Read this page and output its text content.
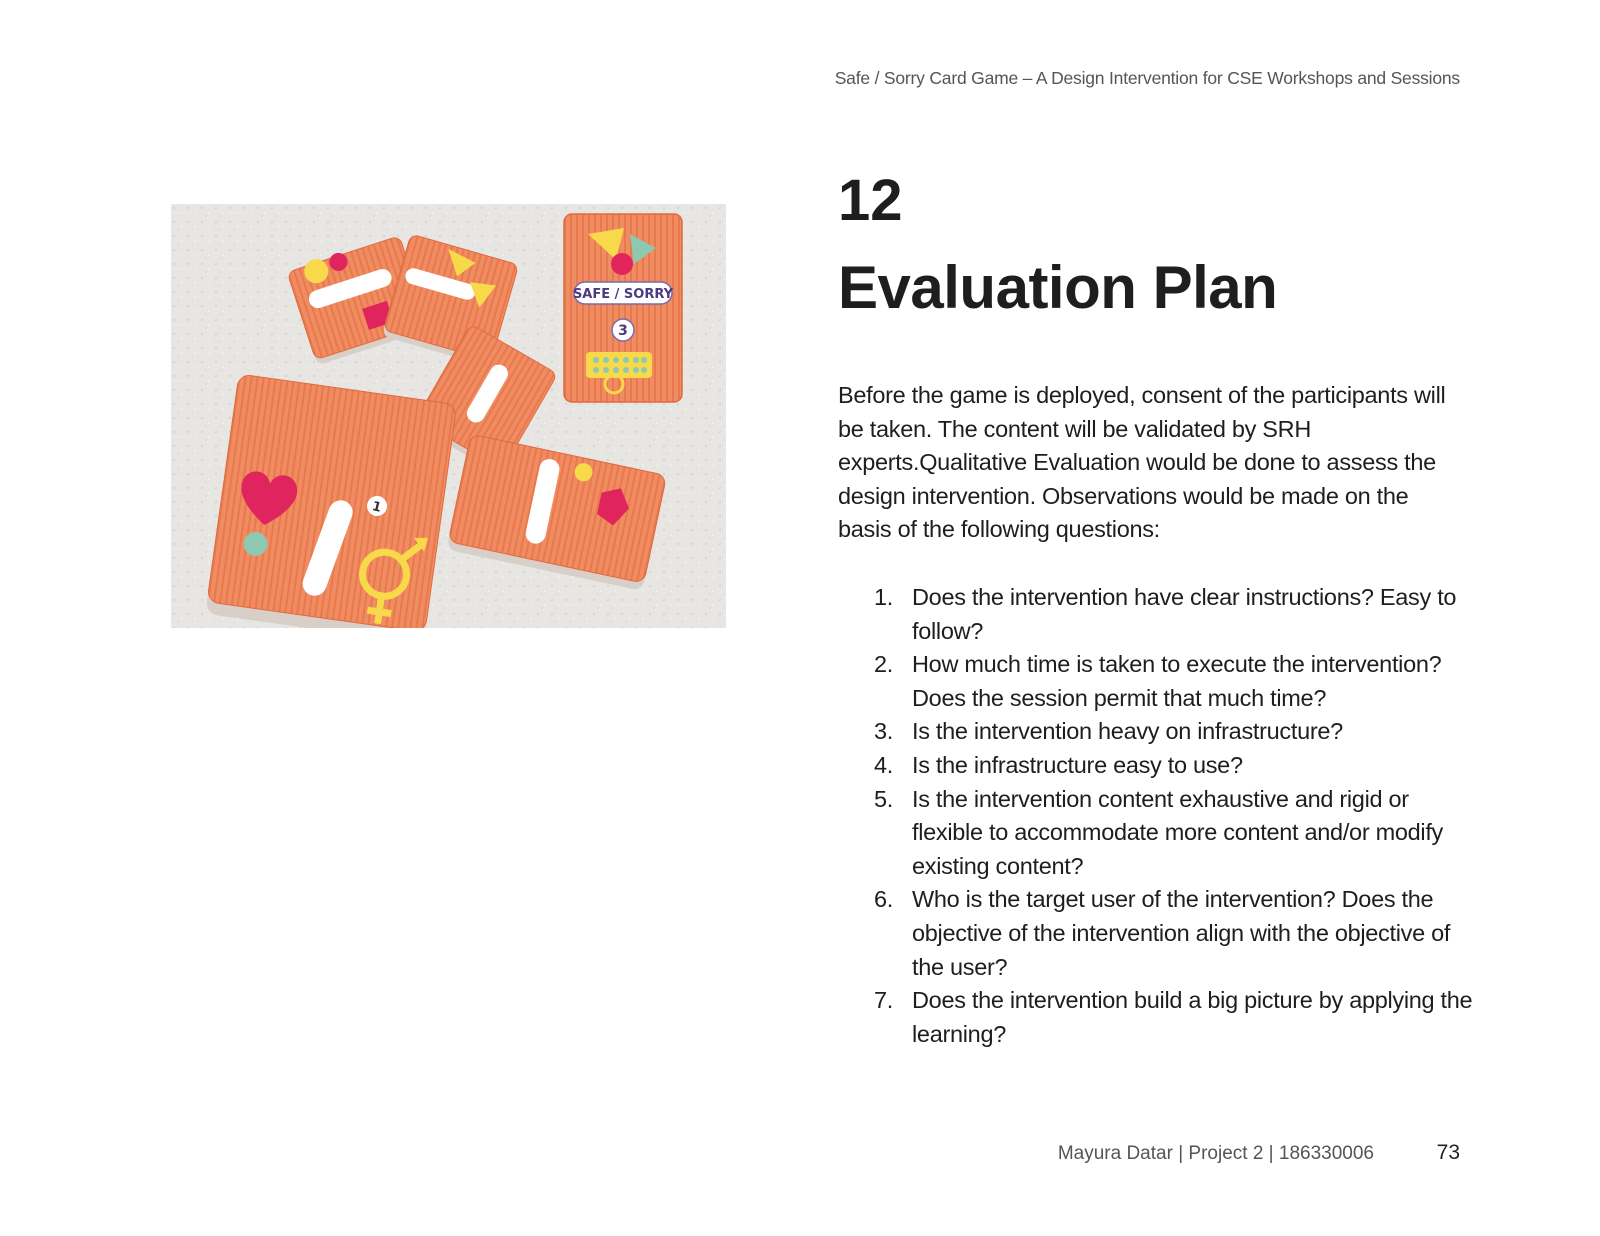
Safe / Sorry Card Game – A Design Intervention for CSE Workshops and Sessions
SAFE / SORRY
3
1
12
Evaluation Plan

Before the game is deployed, consent of the participants will be taken. The content will be validated by SRH experts.Qualitative Evaluation would be done to assess the design intervention. Observations would be made on the basis of the following questions:

1. Does the intervention have clear instructions? Easy to follow?
2. How much time is taken to execute the intervention? Does the session permit that much time?
3. Is the intervention heavy on infrastructure?
4. Is the infrastructure easy to use?
5. Is the intervention content exhaustive and rigid or flexible to accommodate more content and/or modify existing content?
6. Who is the target user of the intervention? Does the objective of the intervention align with the objective of the user?
7. Does the intervention build a big picture by applying the learning?
Mayura Datar | Project 2 | 186330006	73
